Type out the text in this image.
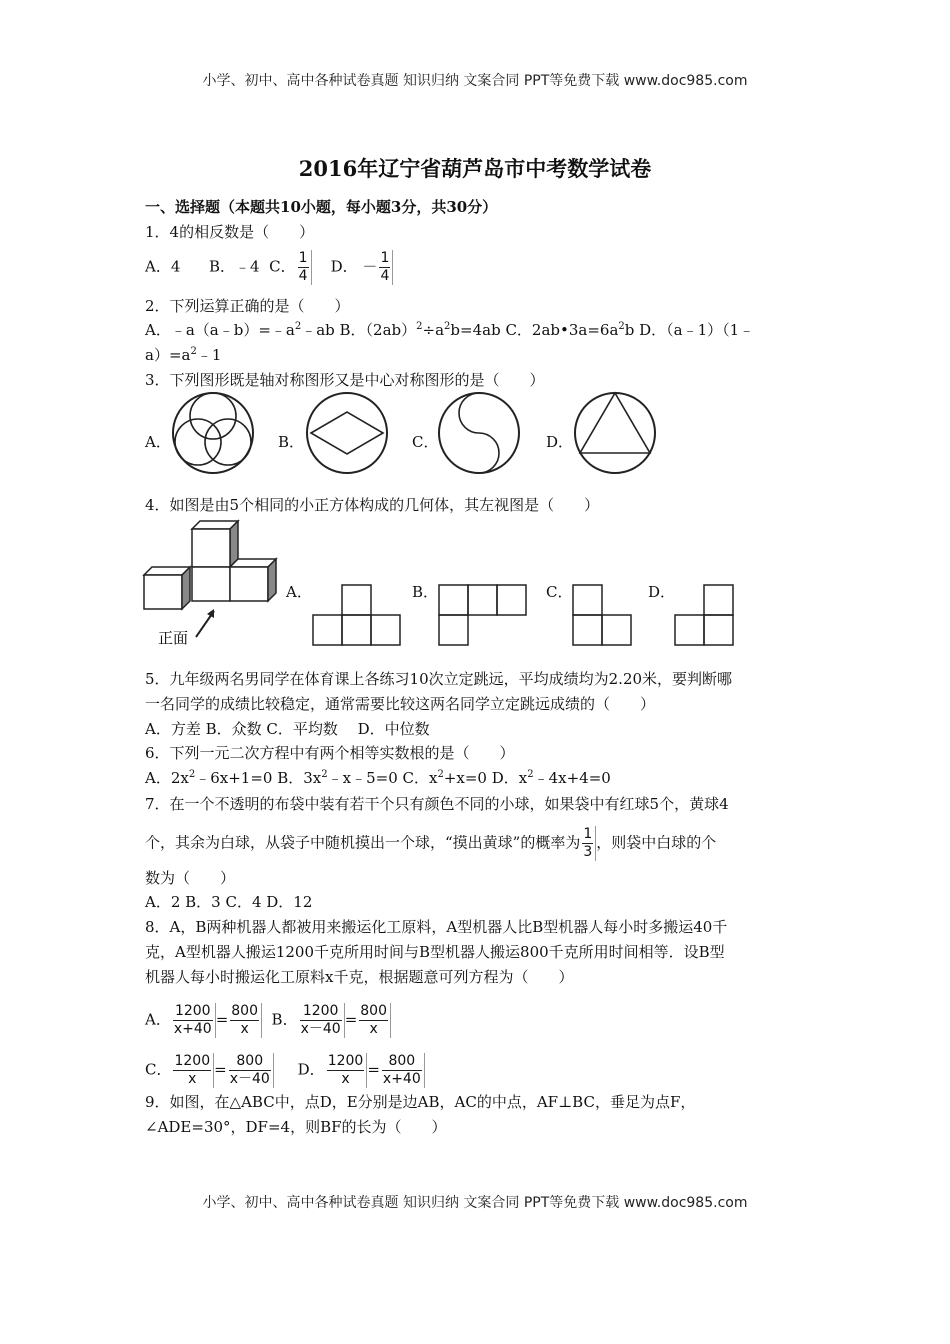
小学、初中、高中各种试卷真题 知识归纳 文案合同 PPT等免费下载 www.doc985.com
2016年辽宁省葫芦岛市中考数学试卷
一、选择题（本题共10小题，每小题3分，共30分）
1．4的相反数是（　　）
A．4 B．﹣4 C． $\frac{1}{4}$ D． － $\frac{1}{4}$
2．下列运算正确的是（　　）
A．$﹣a(a﹣b)=﹣a^2﹣ab$ B．$(2ab)^2\div a^2b=4ab$ C．$2ab•3a=6a^2b$ D．（a﹣1）（1﹣
$a)=a^2﹣1$
3．下列图形既是轴对称图形又是中心对称图形的是（　　）
A．	B．	C．	D．
4．如图是由5个相同的小正方体构成的几何体，其左视图是（　　）
正面
A．	B．	C．	D．
5．九年级两名男同学在体育课上各练习10次立定跳远，平均成绩均为2.20米，要判断哪
一名同学的成绩比较稳定，通常需要比较这两名同学立定跳远成绩的（　　）
A．方差 B．众数 C．平均数　 D．中位数
6．下列一元二次方程中有两个相等实数根的是（　　）
A．$2x^2﹣6x+1=0$ B．$3x^2﹣x﹣5=0$ C．$x^2+x=0$ D．$x^2﹣4x+4=0$
7．在一个不透明的布袋中装有若干个只有颜色不同的小球，如果袋中有红球5个，黄球4
个，其余为白球，从袋子中随机摸出一个球，“摸出黄球”的概率为 $\frac{1}{3}$ ，则袋中白球的个
数为（　　）
A．2 B．3 C．4 D．12
8．A，B两种机器人都被用来搬运化工原料，A型机器人比B型机器人每小时多搬运40千
克，A型机器人搬运1200千克所用时间与B型机器人搬运800千克所用时间相等．设B型
机器人每小时搬运化工原料x千克，根据题意可列方程为（　　）
A． $\frac{1200}{x+40} = \frac{800}{x}$ B． $\frac{1200}{x-40} = \frac{800}{x}$
C． $\frac{1200}{x} = \frac{800}{x-40}$ D． $\frac{1200}{x} = \frac{800}{x+40}$
9．如图，在△ABC中，点D，E分别是边AB，AC的中点，AF⊥BC，垂足为点F，
∠ADE=30°，DF=4，则BF的长为（　　）
小学、初中、高中各种试卷真题 知识归纳 文案合同 PPT等免费下载 www.doc985.com
